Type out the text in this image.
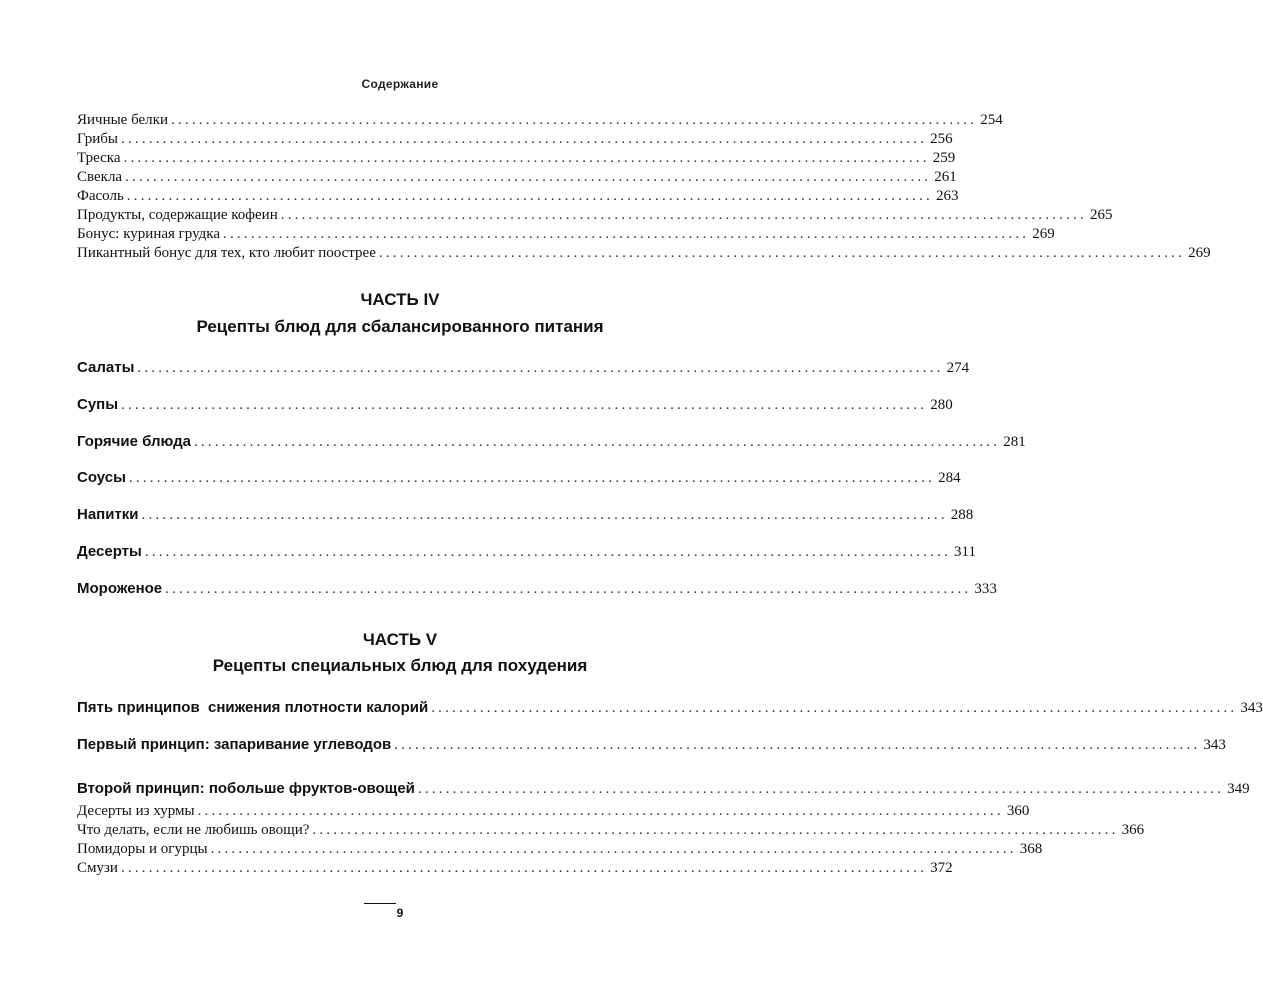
Содержание
Яичные белки .................................................................................................................... 254
Грибы .................................................................................................................... 256
Треска .................................................................................................................... 259
Свекла .................................................................................................................... 261
Фасоль .................................................................................................................... 263
Продукты, содержащие кофеин .................................................................................................................... 265
Бонус: куриная грудка .................................................................................................................... 269
Пикантный бонус для тех, кто любит поострее .................................................................................................................... 269
ЧАСТЬ IV
Рецепты блюд для сбалансированного питания
Салаты .................................................................................................................... 274
Супы .................................................................................................................... 280
Горячие блюда .................................................................................................................... 281
Соусы .................................................................................................................... 284
Напитки .................................................................................................................... 288
Десерты .................................................................................................................... 311
Мороженое .................................................................................................................... 333
ЧАСТЬ V
Рецепты специальных блюд для похудения
Пять принципов  снижения плотности калорий .................................................................................................................... 343
Первый принцип: запаривание углеводов .................................................................................................................... 343
Второй принцип: побольше фруктов-овощей .................................................................................................................... 349
Десерты из хурмы .................................................................................................................... 360
Что делать, если не любишь овощи? .................................................................................................................... 366
Помидоры и огурцы .................................................................................................................... 368
Смузи .................................................................................................................... 372
9
